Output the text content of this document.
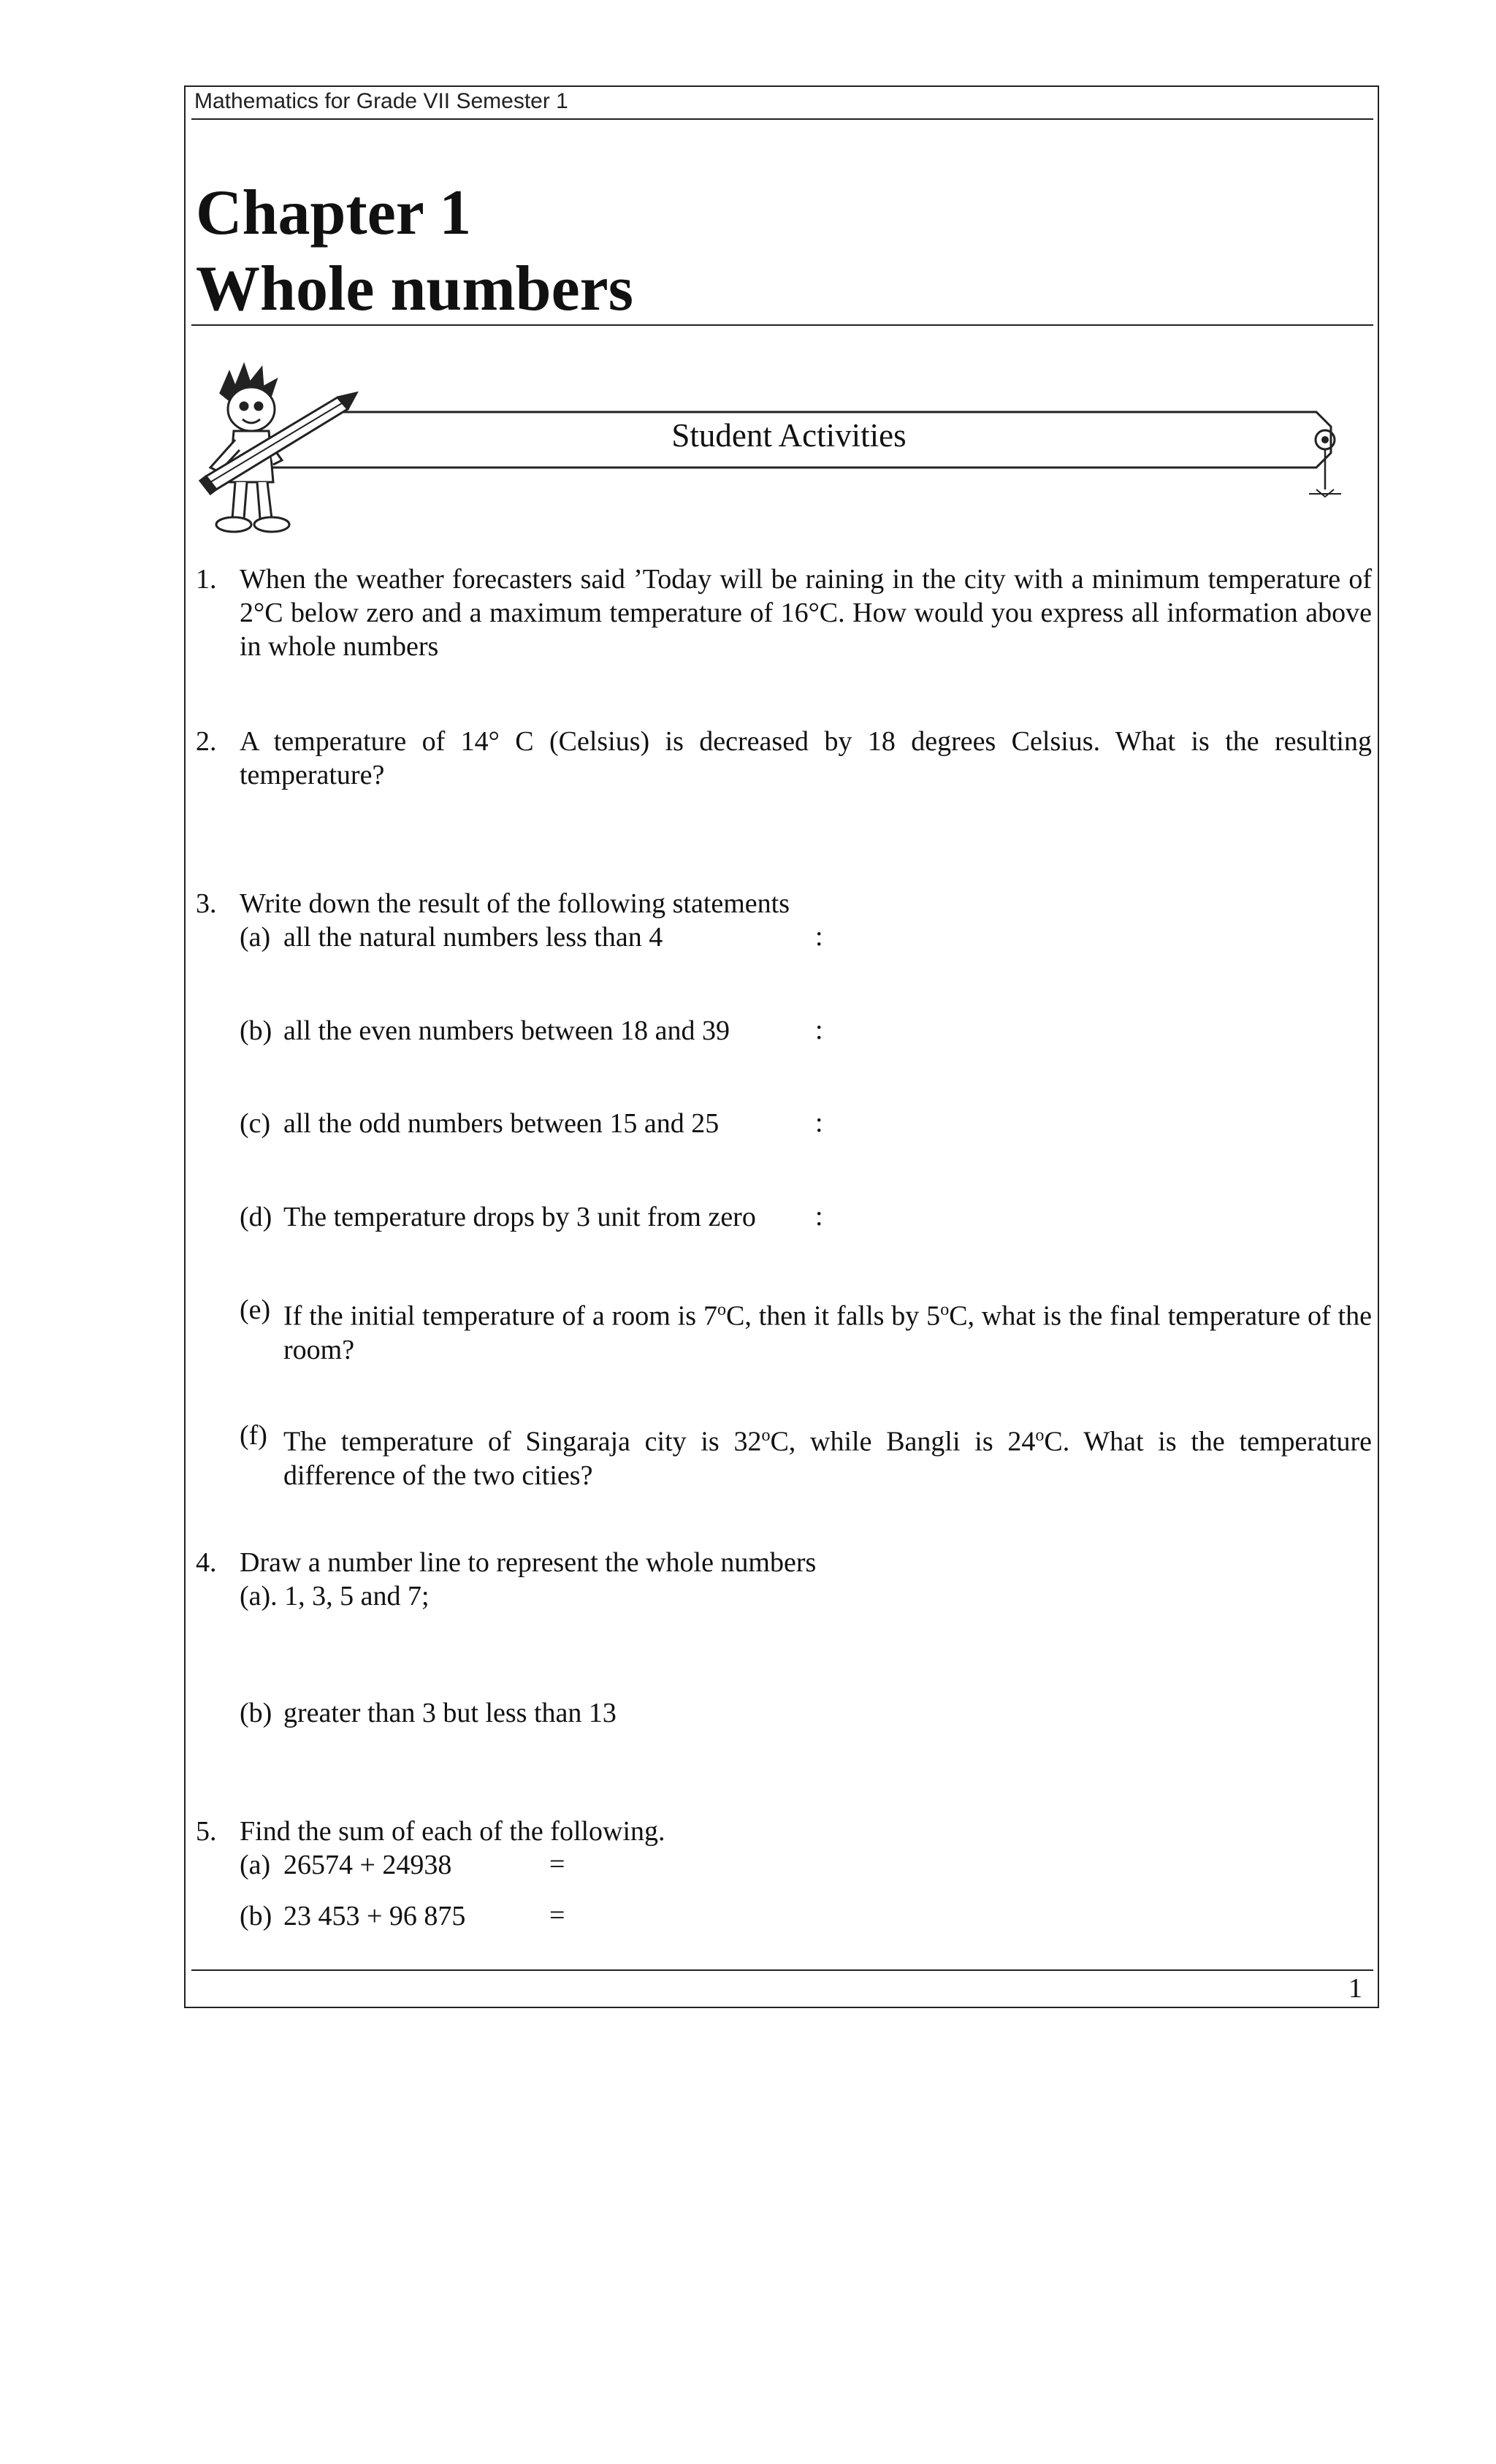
Mathematics for Grade VII Semester 1
Chapter 1
Whole numbers
Student Activities
1. When the weather forecasters said ’Today will be raining in the city with a minimum temperature of 2°C below zero and a maximum temperature of 16°C. How would you express all information above in whole numbers
2. A temperature of 14° C (Celsius) is decreased by 18 degrees Celsius. What is the resulting temperature?
3. Write down the result of the following statements
(a) all the natural numbers less than 4	:
(b) all the even numbers between 18 and 39	:
(c) all the odd numbers between 15 and 25	:
(d) The temperature drops by 3 unit from zero :
(e) If the initial temperature of a room is 7$^o$C, then it falls by 5$^o$C, what is the final temperature of the room?
(f) The temperature of Singaraja city is 32$^o$C, while Bangli is 24$^o$C. What is the temperature difference of the two cities?
4. Draw a number line to represent the whole numbers
(a). 1, 3, 5 and 7;
(b) greater than 3 but less than 13
5. Find the sum of each of the following.
(a) 26574 + 24938	=
(b) 23 453 + 96 875	=
1
